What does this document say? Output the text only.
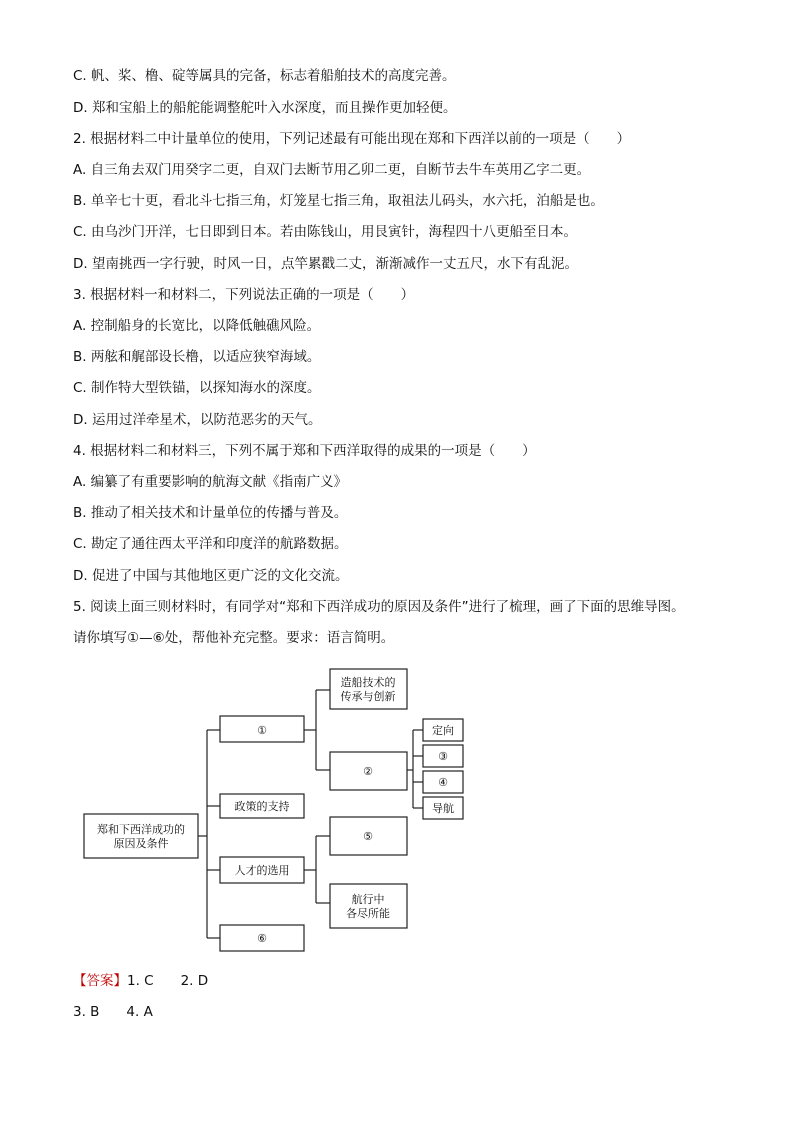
C. 帆、桨、橹、碇等属具的完备，标志着船舶技术的高度完善。
D. 郑和宝船上的船舵能调整舵叶入水深度，而且操作更加轻便。
2. 根据材料二中计量单位的使用，下列记述最有可能出现在郑和下西洋以前的一项是（　　）
A. 自三角去双门用癸字二更，自双门去断节用乙卯二更，自断节去牛车英用乙字二更。
B. 单辛七十更，看北斗七指三角，灯笼星七指三角，取祖法儿码头，水六托，泊船是也。
C. 由乌沙门开洋，七日即到日本。若由陈钱山，用艮寅针，海程四十八更船至日本。
D. 望南挑西一字行驶，时风一日，点竿累戳二丈，渐渐减作一丈五尺，水下有乱泥。
3. 根据材料一和材料二，下列说法正确的一项是（　　）
A. 控制船身的长宽比，以降低触礁风险。
B. 两舷和艉部设长橹，以适应狭窄海域。
C. 制作特大型铁锚，以探知海水的深度。
D. 运用过洋牵星术，以防范恶劣的天气。
4. 根据材料二和材料三，下列不属于郑和下西洋取得的成果的一项是（　　）
A. 编纂了有重要影响的航海文献《指南广义》
B. 推动了相关技术和计量单位的传播与普及。
C. 勘定了通往西太平洋和印度洋的航路数据。
D. 促进了中国与其他地区更广泛的文化交流。
5. 阅读上面三则材料时，有同学对“郑和下西洋成功的原因及条件”进行了梳理，画了下面的思维导图。
请你填写①—⑥处，帮他补充完整。要求：语言简明。
郑和下西洋成功的
原因及条件
①
造船技术的
传承与创新
②
定向
③
④
导航
政策的支持
人才的选用
⑤
航行中
各尽所能
⑥
【答案】1. C　　2. D
3. B　　4. A
